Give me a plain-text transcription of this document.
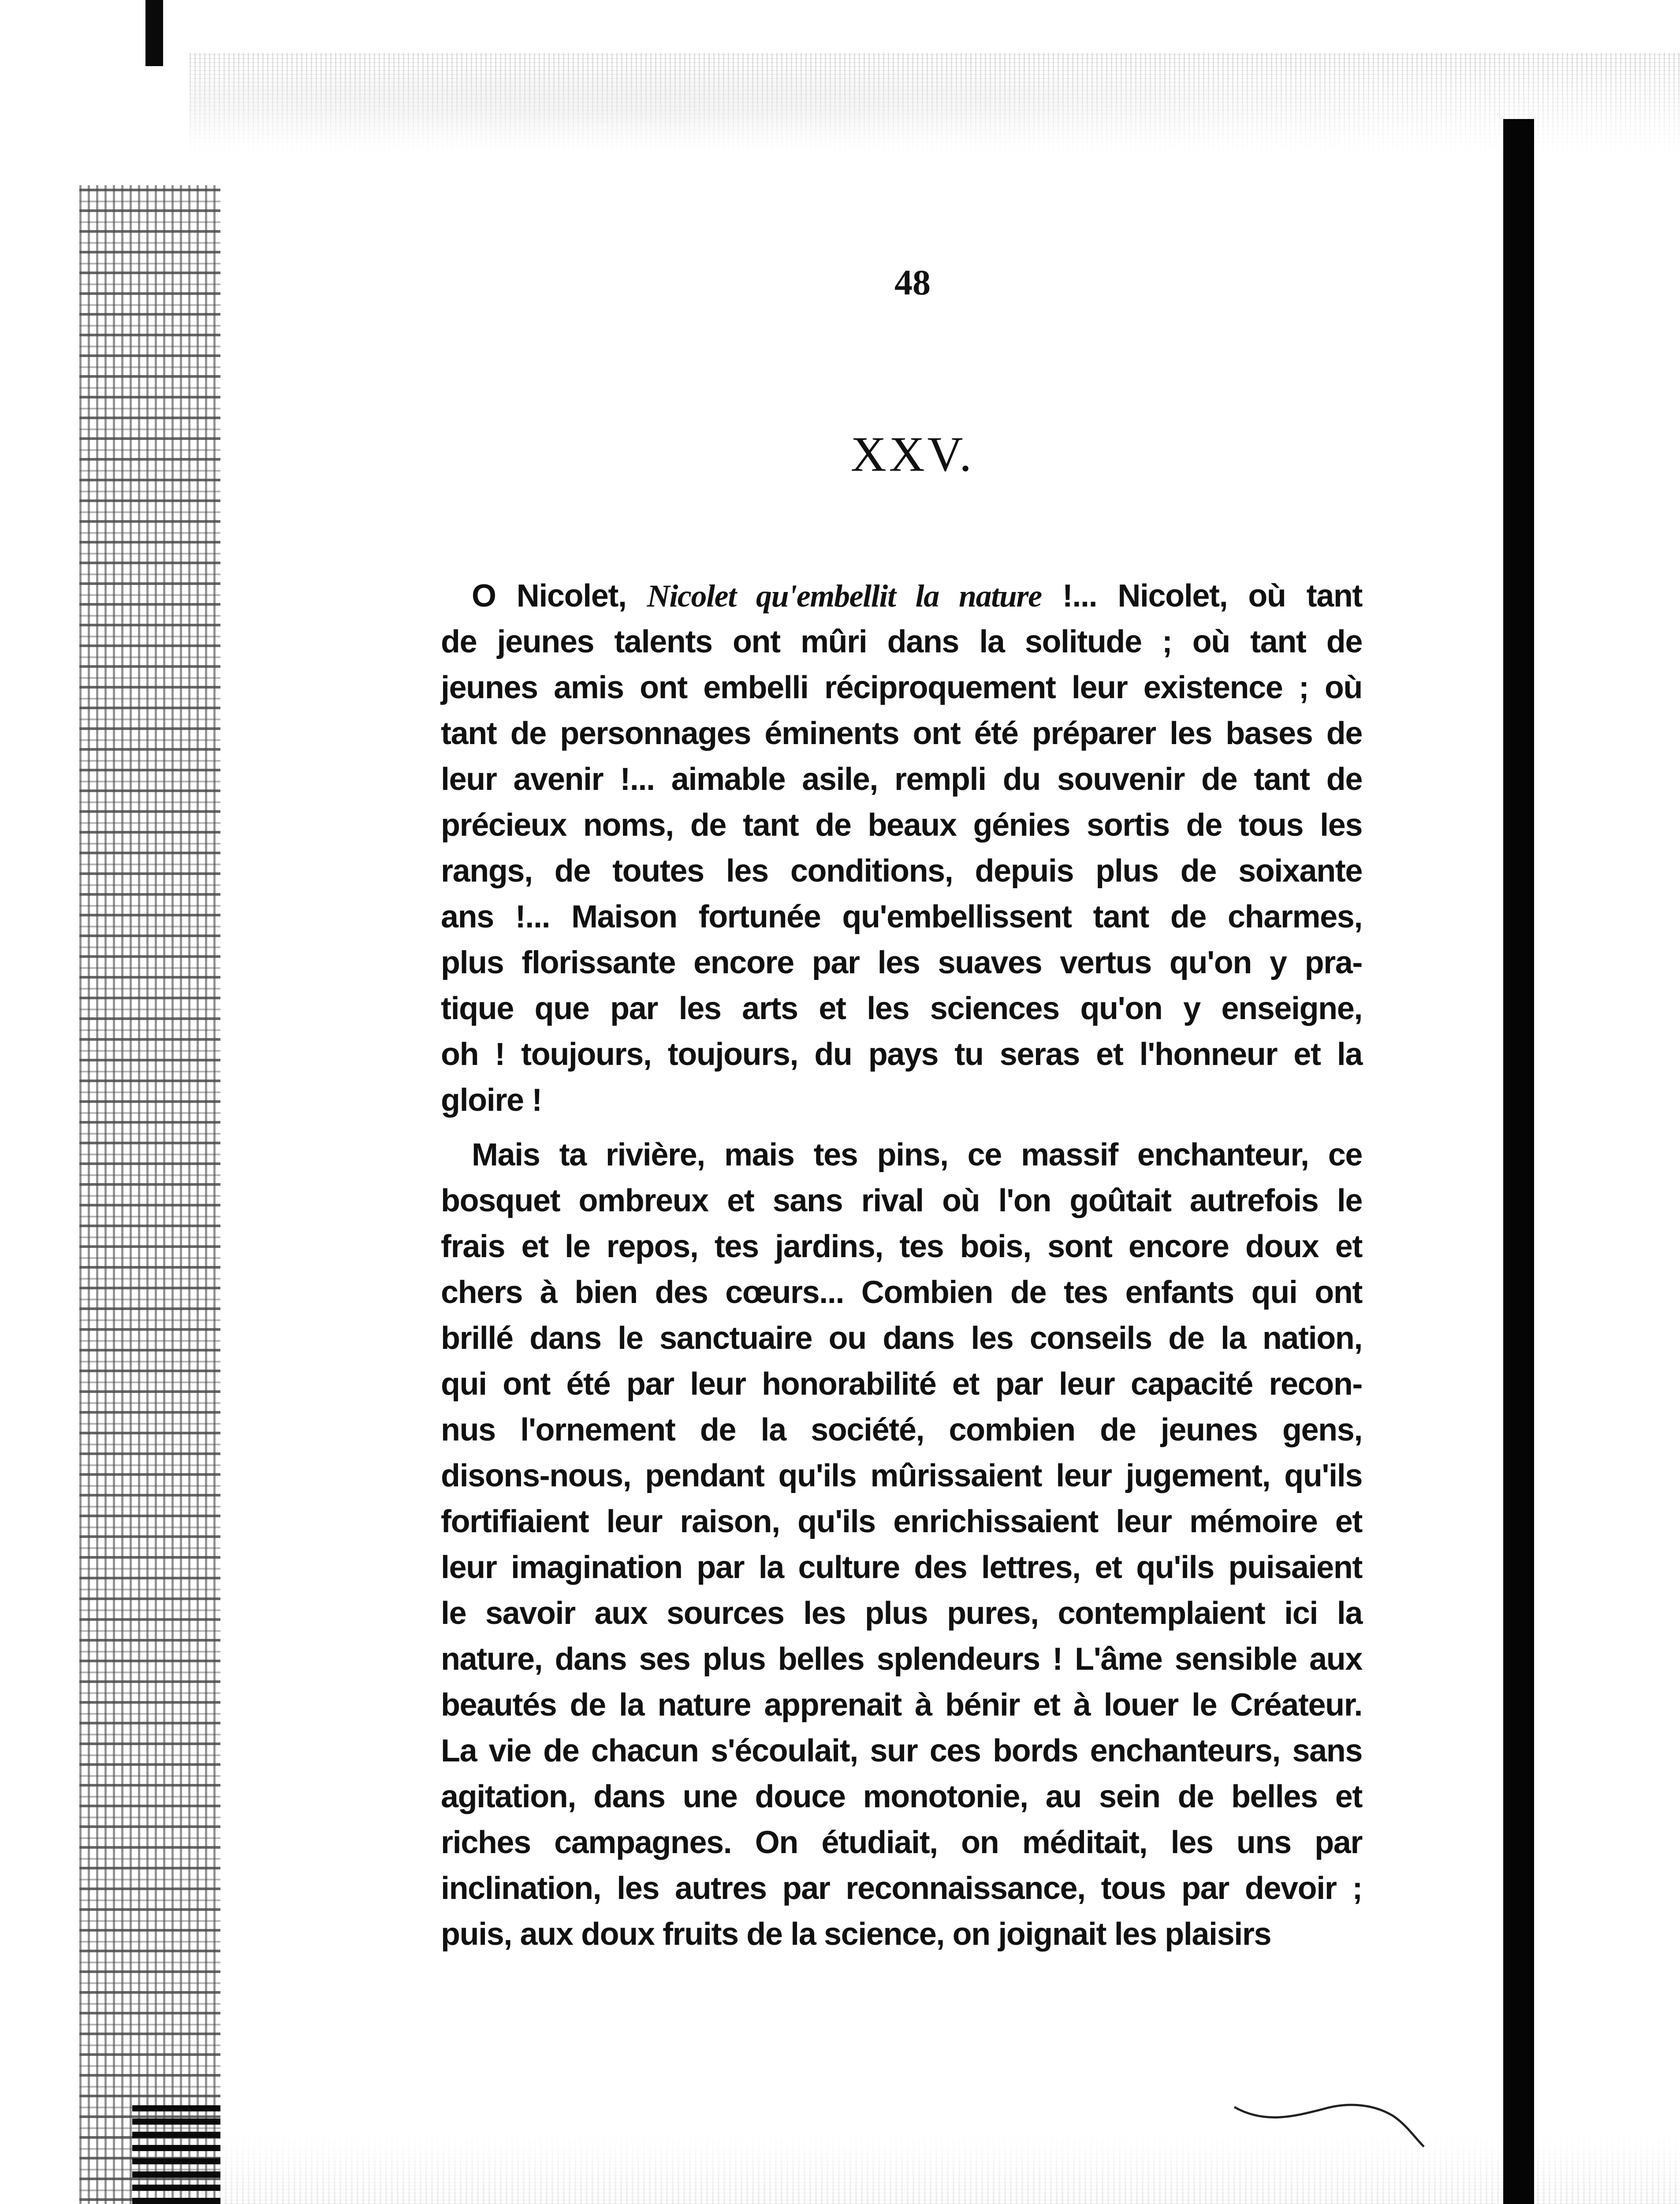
48
XXV.
O Nicolet, Nicolet qu'embellit la nature !... Nicolet, où tant
de jeunes talents ont mûri dans la solitude ; où tant de
jeunes amis ont embelli réciproquement leur existence ; où
tant de personnages éminents ont été préparer les bases de
leur avenir !... aimable asile, rempli du souvenir de tant de
précieux noms, de tant de beaux génies sortis de tous les
rangs, de toutes les conditions, depuis plus de soixante
ans !... Maison fortunée qu'embellissent tant de charmes,
plus florissante encore par les suaves vertus qu'on y pra-
tique que par les arts et les sciences qu'on y enseigne,
oh ! toujours, toujours, du pays tu seras et l'honneur et la
gloire !
Mais ta rivière, mais tes pins, ce massif enchanteur, ce
bosquet ombreux et sans rival où l'on goûtait autrefois le
frais et le repos, tes jardins, tes bois, sont encore doux et
chers à bien des cœurs... Combien de tes enfants qui ont
brillé dans le sanctuaire ou dans les conseils de la nation,
qui ont été par leur honorabilité et par leur capacité recon-
nus l'ornement de la société, combien de jeunes gens,
disons-nous, pendant qu'ils mûrissaient leur jugement, qu'ils
fortifiaient leur raison, qu'ils enrichissaient leur mémoire et
leur imagination par la culture des lettres, et qu'ils puisaient
le savoir aux sources les plus pures, contemplaient ici la
nature, dans ses plus belles splendeurs ! L'âme sensible aux
beautés de la nature apprenait à bénir et à louer le Créateur.
La vie de chacun s'écoulait, sur ces bords enchanteurs, sans
agitation, dans une douce monotonie, au sein de belles et
riches campagnes. On étudiait, on méditait, les uns par
inclination, les autres par reconnaissance, tous par devoir ;
puis, aux doux fruits de la science, on joignait les plaisirs
